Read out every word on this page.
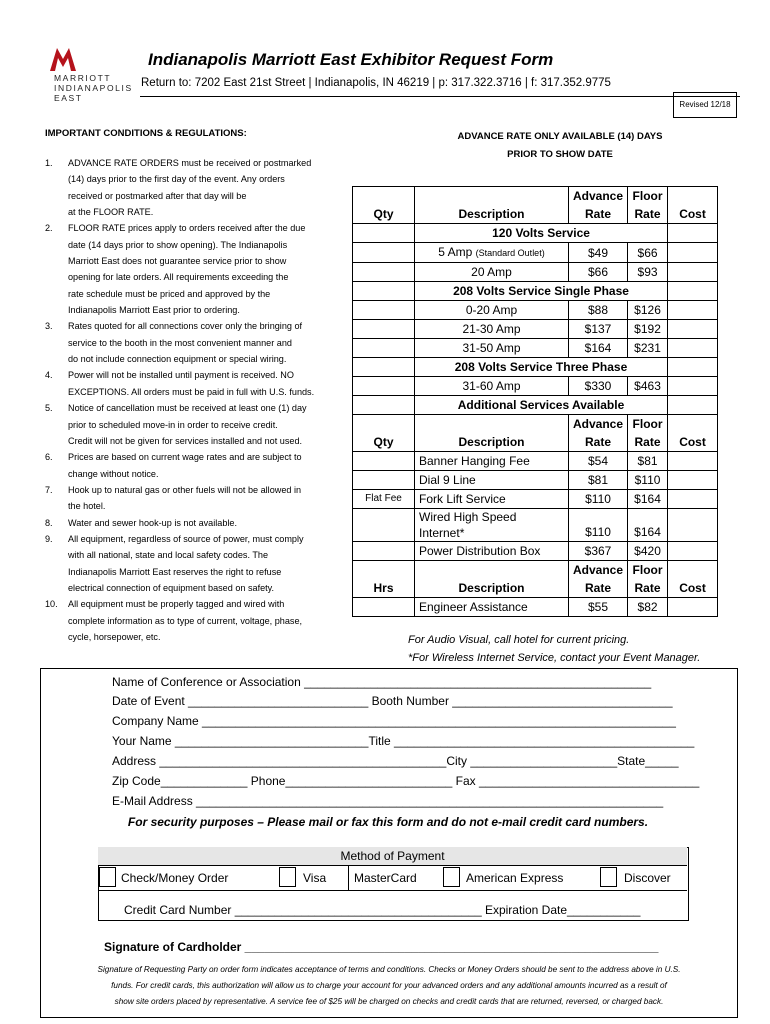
MARRIOTT
INDIANAPOLIS
EAST
Indianapolis Marriott East Exhibitor Request Form
Return to: 7202 East 21st Street | Indianapolis, IN 46219 | p: 317.322.3716 | f: 317.352.9775
Revised 12/18
IMPORTANT CONDITIONS & REGULATIONS:	ADVANCE RATE ONLY AVAILABLE (14) DAYS
PRIOR TO SHOW DATE
1. ADVANCE RATE ORDERS must be received or postmarked
(14) days prior to the first day of the event. Any orders
received or postmarked after that day will be
at the FLOOR RATE.
2. FLOOR RATE prices apply to orders received after the due
date (14 days prior to show opening). The Indianapolis
Marriott East does not guarantee service prior to show
opening for late orders. All requirements exceeding the
rate schedule must be priced and approved by the
Indianapolis Marriott East prior to ordering.
3. Rates quoted for all connections cover only the bringing of
service to the booth in the most convenient manner and
do not include connection equipment or special wiring.
4. Power will not be installed until payment is received. NO
EXCEPTIONS. All orders must be paid in full with U.S. funds.
5. Notice of cancellation must be received at least one (1) day
prior to scheduled move-in in order to receive credit.
Credit will not be given for services installed and not used.
6. Prices are based on current wage rates and are subject to
change without notice.
7. Hook up to natural gas or other fuels will not be allowed in
the hotel.
8. Water and sewer hook-up is not available.
9. All equipment, regardless of source of power, must comply
with all national, state and local safety codes. The
Indianapolis Marriott East reserves the right to refuse
electrical connection of equipment based on safety.
10. All equipment must be properly tagged and wired with
complete information as to type of current, voltage, phase,
cycle, horsepower, etc.
Qty	Description	Advance	Floor	Cost
		Rate	Rate	
	120 Volts Service			
	5 Amp (Standard Outlet)	$49	$66	
	20 Amp	$66	$93	
	208 Volts Service Single Phase			
	0-20 Amp	$88	$126	
	21-30 Amp	$137	$192	
	31-50 Amp	$164	$231	
	208 Volts Service Three Phase			
	31-60 Amp	$330	$463	
	Additional Services Available			
Qty	Description	Advance	Floor	Cost
		Rate	Rate	
	Banner Hanging Fee	$54	$81	
	Dial 9 Line	$81	$110	
Flat Fee	Fork Lift Service	$110	$164	

	Wired High Speed
Internet*	$110	$164	
	Power Distribution Box	$367	$420	
Hrs	Description	Advance	Floor	Cost
		Rate	Rate	
	Engineer Assistance	$55	$82	
For Audio Visual, call hotel for current pricing.
*For Wireless Internet Service, contact your Event Manager.
Name of Conference or Association ____________________________________________________
Date of Event ___________________________ Booth Number _________________________________
Company Name _______________________________________________________________________
Your Name _____________________________Title _____________________________________________
Address ___________________________________________City ______________________State_____
Zip Code_____________ Phone_________________________ Fax _________________________________
E-Mail Address ______________________________________________________________________
For security purposes – Please mail or fax this form and do not e-mail credit card numbers.
Method of Payment
Check/Money Order	Visa MasterCard	American Express	Discover
Credit Card Number _____________________________________ Expiration Date___________
Signature of Cardholder ______________________________________________________________
Signature of Requesting Party on order form indicates acceptance of terms and conditions. Checks or Money Orders should be sent to the address above in U.S.
funds. For credit cards, this authorization will allow us to charge your account for your advanced orders and any additional amounts incurred as a result of
show site orders placed by representative. A service fee of $25 will be charged on checks and credit cards that are returned, reversed, or charged back.
